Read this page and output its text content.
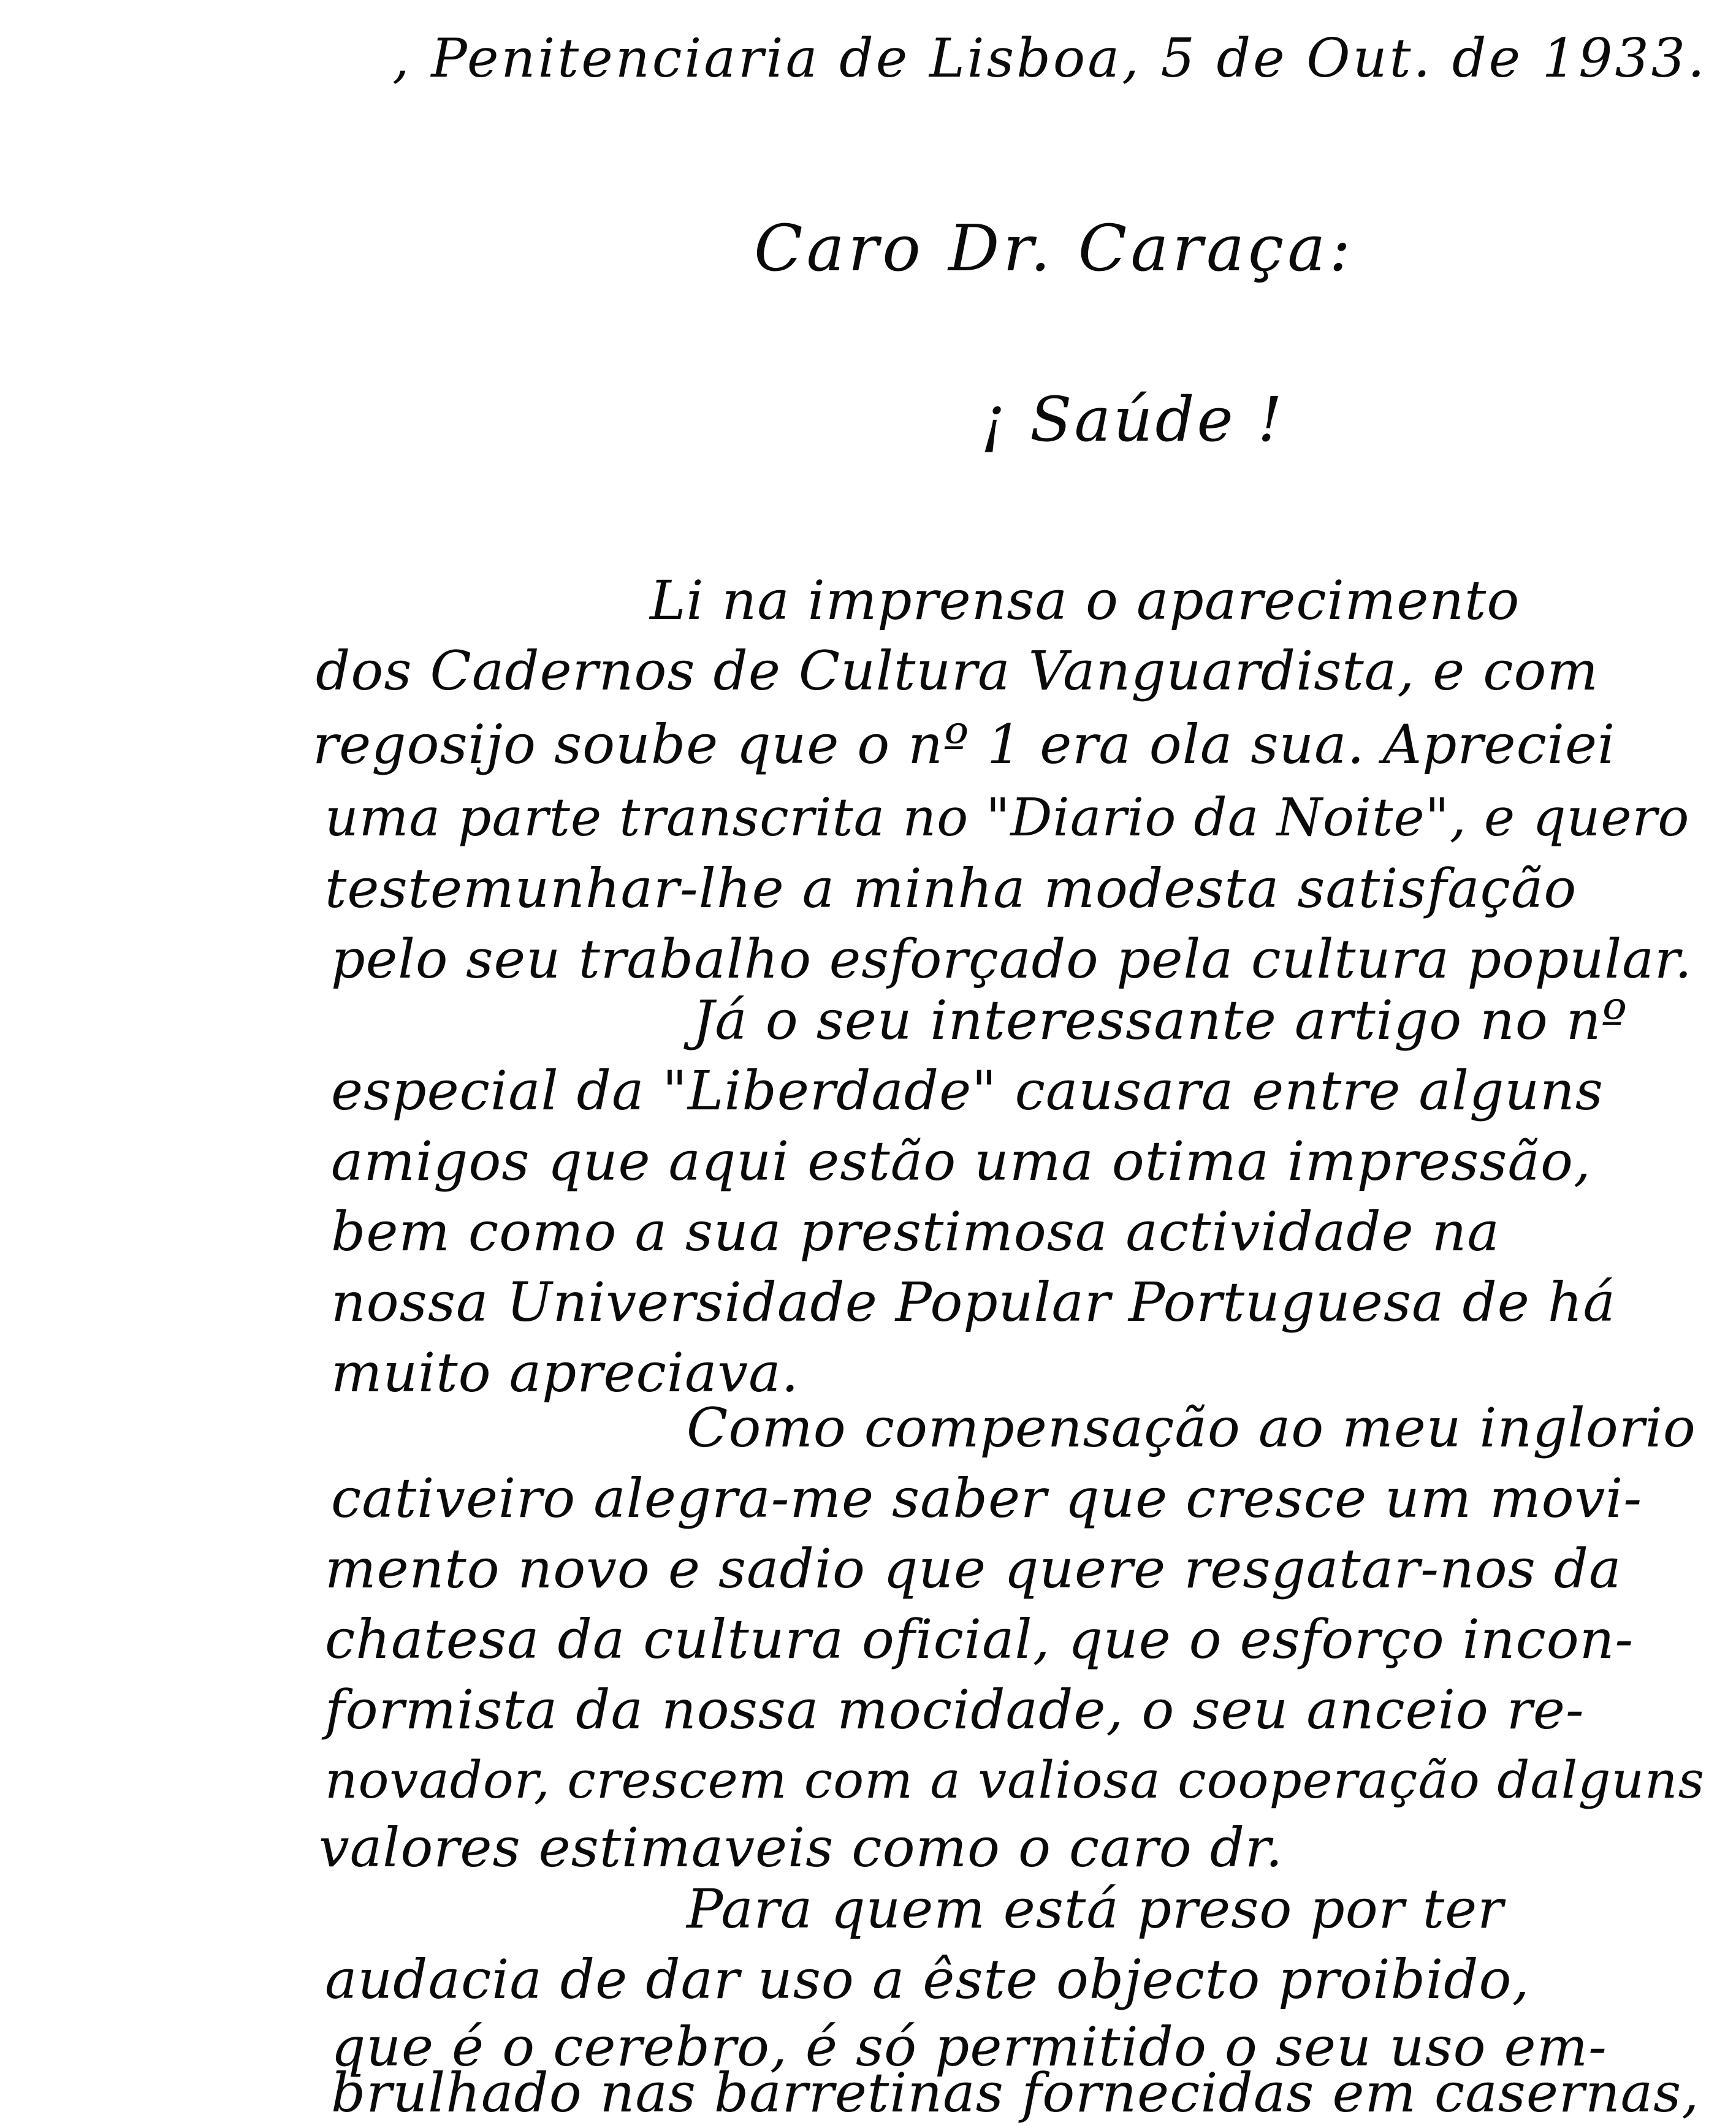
, Penitenciaria de Lisboa, 5 de Out. de 1933.
Caro Dr. Caraça:
¡ Saúde !
Li na imprensa o aparecimento
dos Cadernos de Cultura Vanguardista, e com
regosijo soube que o nº 1 era ola sua. Apreciei
uma parte transcrita no "Diario da Noite", e quero
testemunhar-lhe a minha modesta satisfação
pelo seu trabalho esforçado pela cultura popular.
Já o seu interessante artigo no nº
especial da "Liberdade" causara entre alguns
amigos que aqui estão uma otima impressão,
bem como a sua prestimosa actividade na
nossa Universidade Popular Portuguesa de há
muito apreciava.
Como compensação ao meu inglorio
cativeiro alegra-me saber que cresce um movi-
mento novo e sadio que quere resgatar-nos da
chatesa da cultura oficial, que o esforço incon-
formista da nossa mocidade, o seu anceio re-
novador, crescem com a valiosa cooperação dalguns
valores estimaveis como o caro dr.
Para quem está preso por ter
audacia de dar uso a êste objecto proibido,
que é o cerebro, é só permitido o seu uso em-
brulhado nas barretinas fornecidas em casernas,
